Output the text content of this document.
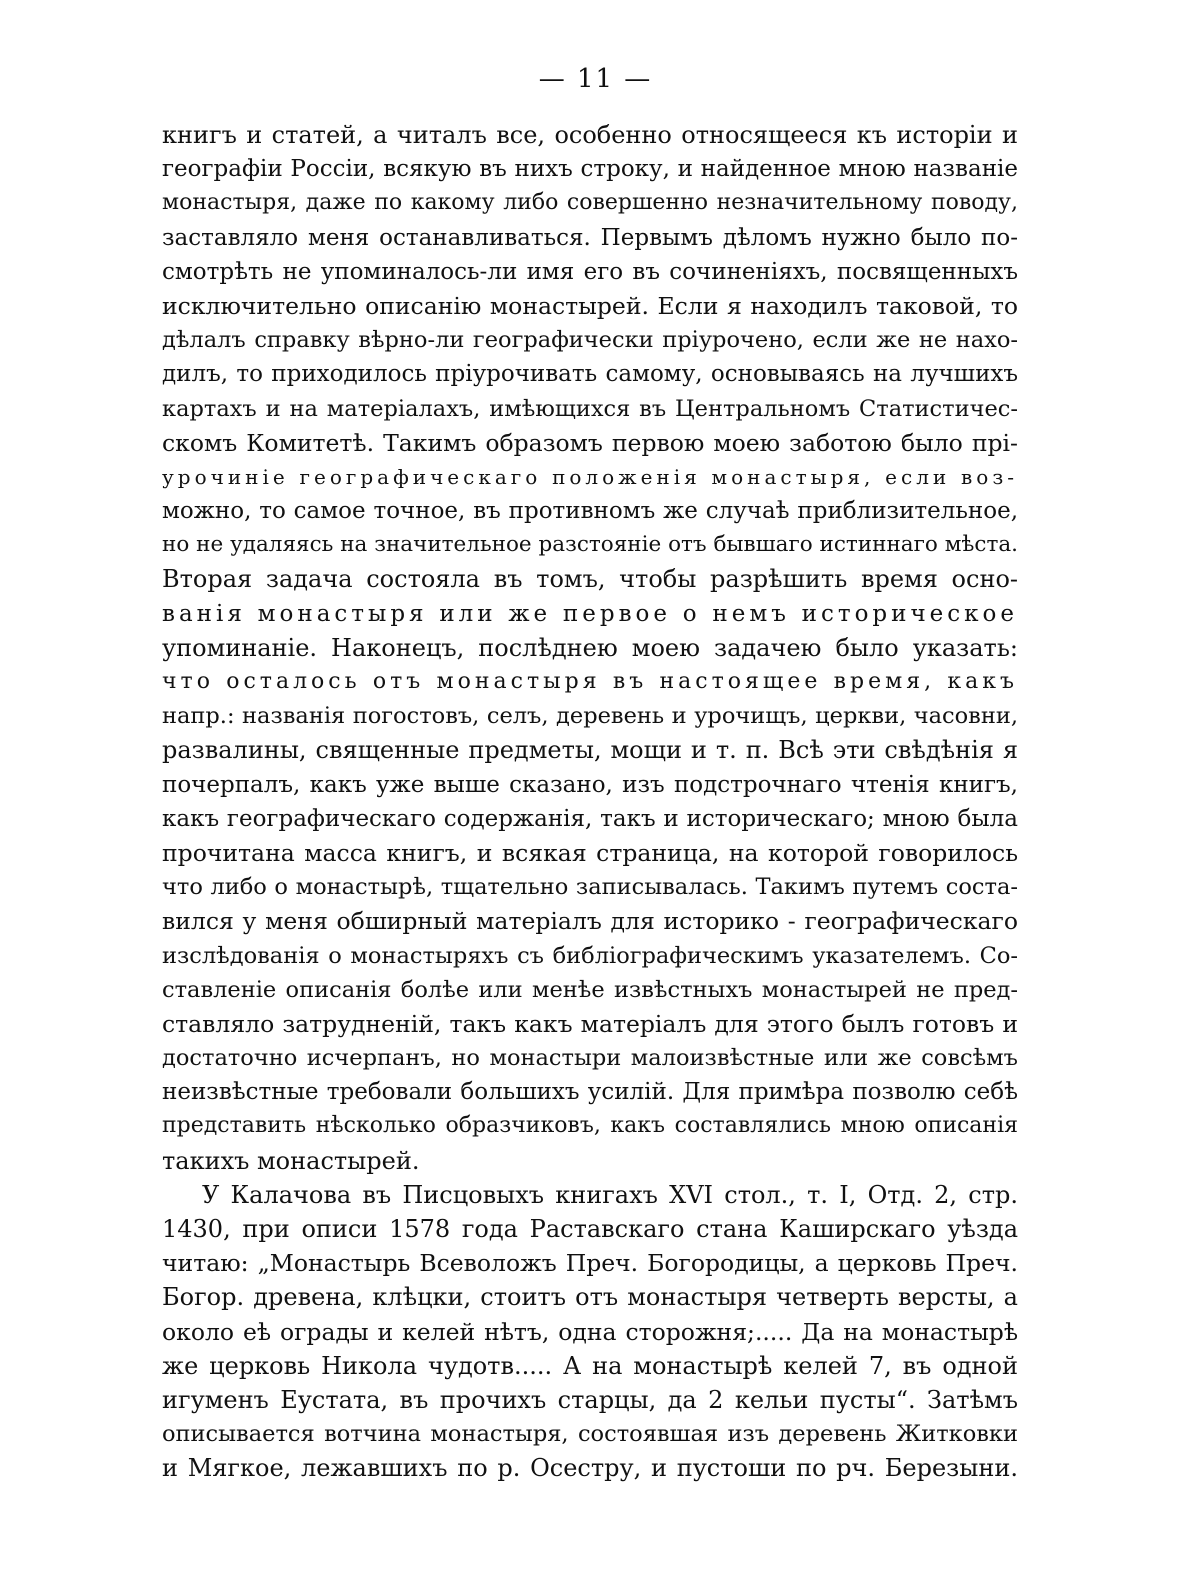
— 11 —
книгъ и статей, а читалъ все, особенно относящееся къ исторіи и
географіи Россіи, всякую въ нихъ строку, и найденное мною названіе
монастыря, даже по какому либо совершенно незначительному поводу,
заставляло меня останавливаться. Первымъ дѣломъ нужно было по-
смотрѣть не упоминалось-ли имя его въ сочиненіяхъ, посвященныхъ
исключительно описанію монастырей. Если я находилъ таковой, то
дѣлалъ справку вѣрно-ли географически пріурочено, если же не нахо-
дилъ, то приходилось пріурочивать самому, основываясь на лучшихъ
картахъ и на матеріалахъ, имѣющихся въ Центральномъ Статистичес-
скомъ Комитетѣ. Такимъ образомъ первою моею заботою было прі-
урочиніе географическаго положенія монастыря, если воз-
можно, то самое точное, въ противномъ же случаѣ приблизительное,
но не удаляясь на значительное разстояніе отъ бывшаго истиннаго мѣста.
Вторая задача состояла въ томъ, чтобы разрѣшить время осно-
ванія монастыря или же первое о немъ историческое
упоминаніе. Наконецъ, послѣднею моею задачею было указать:
что осталось отъ монастыря въ настоящее время, какъ
напр.: названія погостовъ, селъ, деревень и урочищъ, церкви, часовни,
развалины, священные предметы, мощи и т. п. Всѣ эти свѣдѣнія я
почерпалъ, какъ уже выше сказано, изъ подстрочнаго чтенія книгъ,
какъ географическаго содержанія, такъ и историческаго; мною была
прочитана масса книгъ, и всякая страница, на которой говорилось
что либо о монастырѣ, тщательно записывалась. Такимъ путемъ соста-
вился у меня обширный матеріалъ для историко - географическаго
изслѣдованія о монастыряхъ съ библіографическимъ указателемъ. Со-
ставленіе описанія болѣе или менѣе извѣстныхъ монастырей не пред-
ставляло затрудненій, такъ какъ матеріалъ для этого былъ готовъ и
достаточно исчерпанъ, но монастыри малоизвѣстные или же совсѣмъ
неизвѣстные требовали большихъ усилій. Для примѣра позволю себѣ
представить нѣсколько образчиковъ, какъ составлялись мною описанія
такихъ монастырей.
У Калачова въ Писцовыхъ книгахъ XVI стол., т. I, Отд. 2, стр.
1430, при описи 1578 года Раставскаго стана Каширскаго уѣзда
читаю: „Монастырь Всеволожъ Преч. Богородицы, а церковь Преч.
Богор. древена, клѣцки, стоитъ отъ монастыря четверть версты, а
около еѣ ограды и келей нѣтъ, одна сторожня;..... Да на монастырѣ
же церковь Никола чудотв..... А на монастырѣ келей 7, въ одной
игуменъ Еустата, въ прочихъ старцы, да 2 кельи пусты“. Затѣмъ
описывается вотчина монастыря, состоявшая изъ деревень Житковки
и Мягкое, лежавшихъ по р. Осестру, и пустоши по рч. Березыни.
